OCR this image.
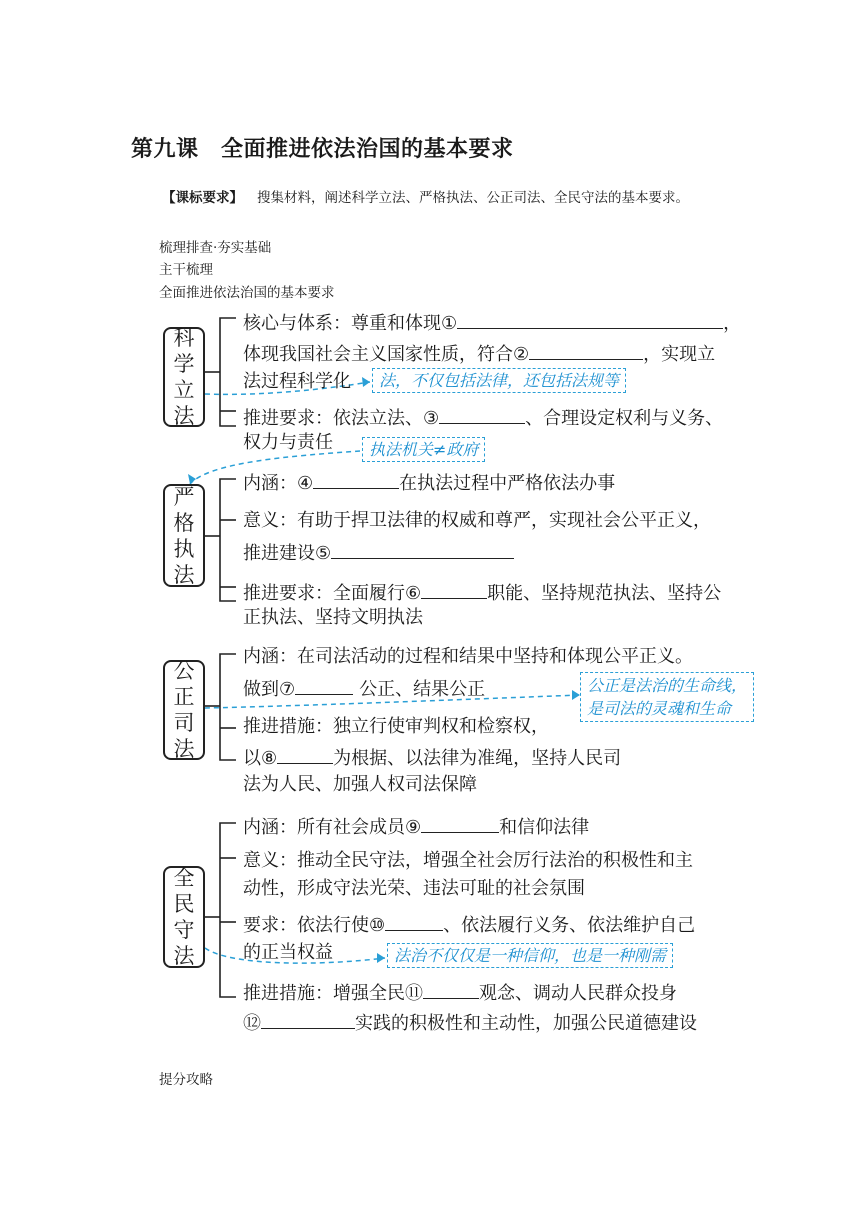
第九课　全面推进依法治国的基本要求
【课标要求】 搜集材料，阐述科学立法、严格执法、公正司法、全民守法的基本要求。
梳理排查·夯实基础
主干梳理
全面推进依法治国的基本要求
科
学
立
法
严
格
执
法
公
正
司
法
全
民
守
法
核心与体系：尊重和体现①	，
体现我国社会主义国家性质，符合②	，实现立
法过程科学化
推进要求：依法立法、③	、合理设定权利与义务、
权力与责任
内涵：④	在执法过程中严格依法办事
意义：有助于捍卫法律的权威和尊严，实现社会公平正义，
推进建设⑤
推进要求：全面履行⑥	职能、坚持规范执法、坚持公
正执法、坚持文明执法
内涵：在司法活动的过程和结果中坚持和体现公平正义。
做到⑦	公正、结果公正
推进措施：独立行使审判权和检察权，
以⑧	为根据、以法律为准绳，坚持人民司
法为人民、加强人权司法保障
内涵：所有社会成员⑨	和信仰法律
意义：推动全民守法，增强全社会厉行法治的积极性和主
动性，形成守法光荣、违法可耻的社会氛围
要求：依法行使⑩	、依法履行义务、依法维护自己
的正当权益
推进措施：增强全民⑪	观念、调动人民群众投身
⑫	实践的积极性和主动性，加强公民道德建设
法，不仅包括法律，还包括法规等
执法机关≠政府
公正是法治的生命线，
是司法的灵魂和生命
法治不仅仅是一种信仰，也是一种刚需
提分攻略
